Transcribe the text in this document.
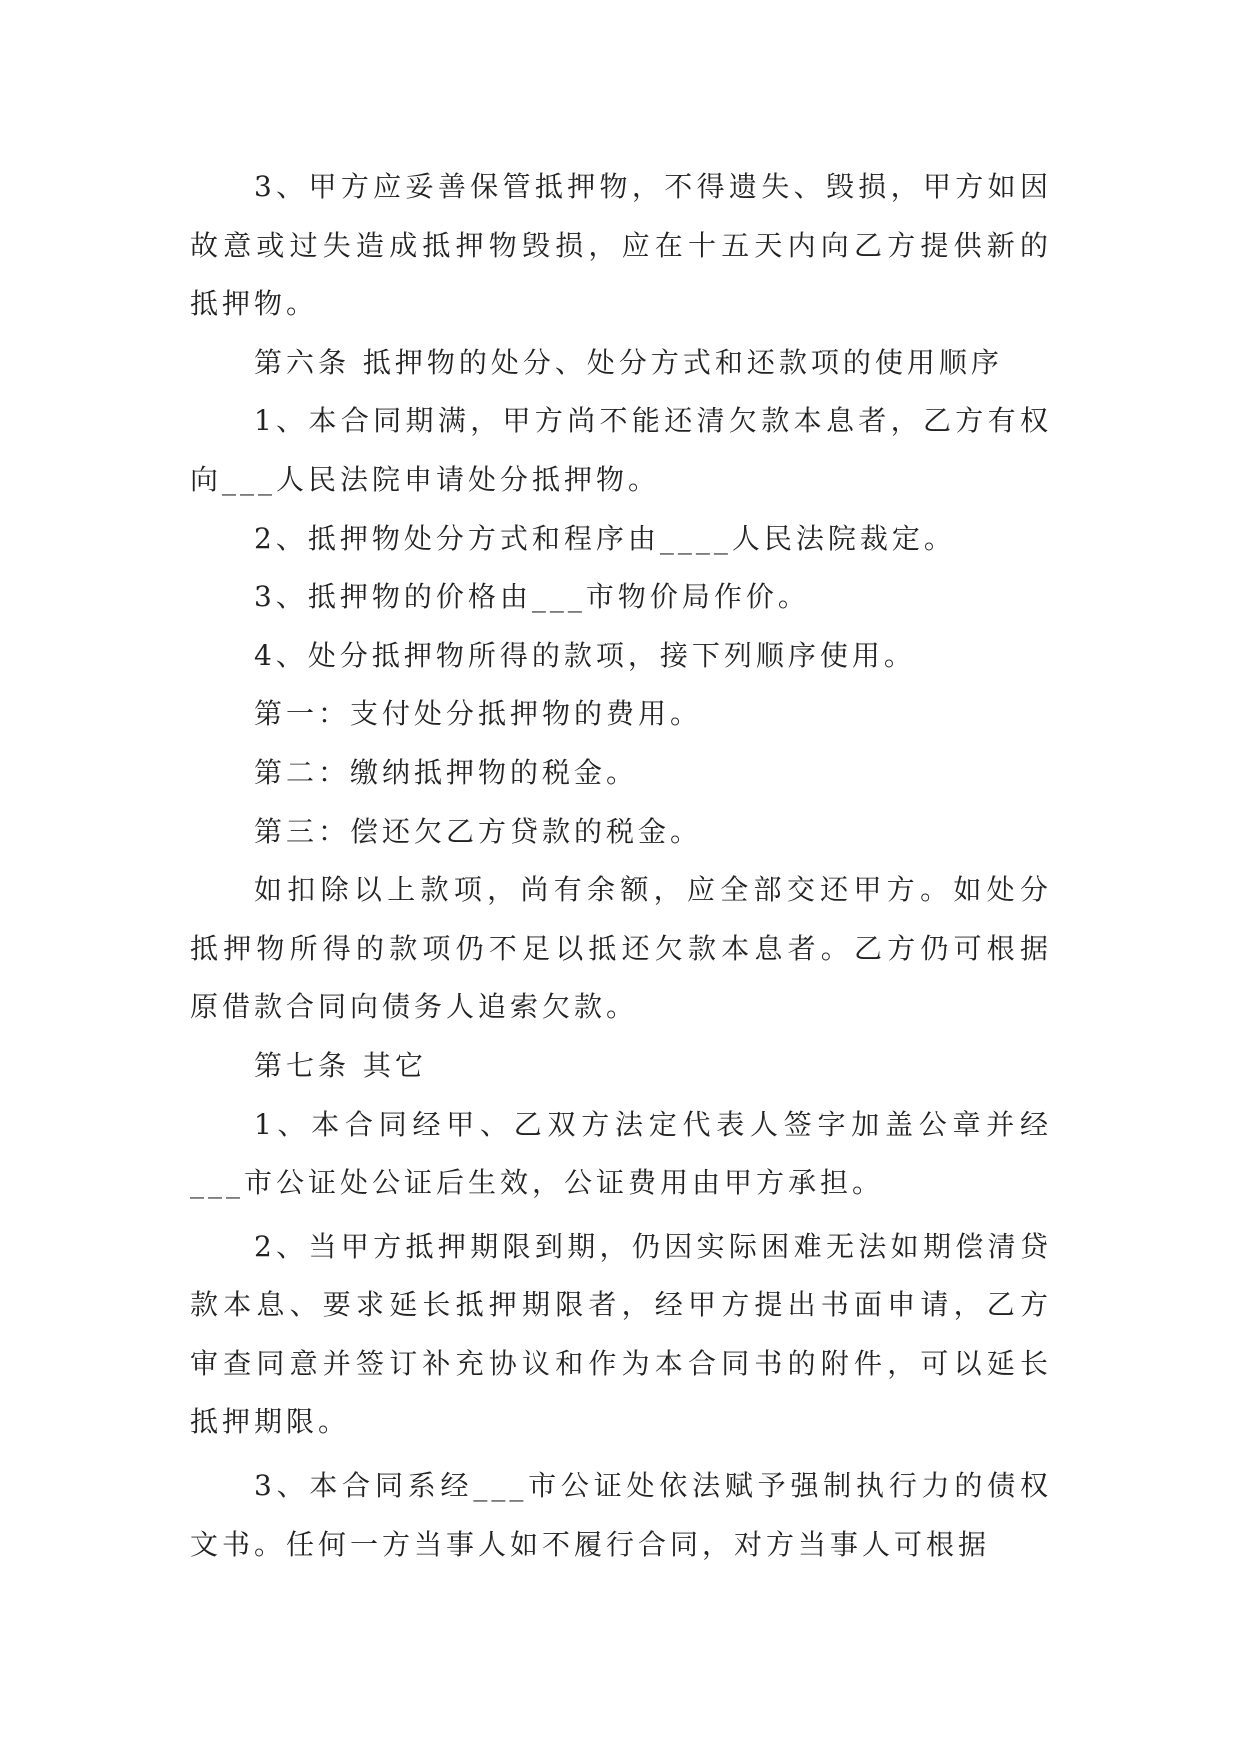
3、甲方应妥善保管抵押物，不得遗失、毁损，甲方如因故意或过失造成抵押物毁损，应在十五天内向乙方提供新的抵押物。

第六条 抵押物的处分、处分方式和还款项的使用顺序

1、本合同期满，甲方尚不能还清欠款本息者，乙方有权向___人民法院申请处分抵押物。

2、抵押物处分方式和程序由____人民法院裁定。

3、抵押物的价格由___市物价局作价。

4、处分抵押物所得的款项，接下列顺序使用。

第一：支付处分抵押物的费用。

第二：缴纳抵押物的税金。

第三：偿还欠乙方贷款的税金。

如扣除以上款项，尚有余额，应全部交还甲方。如处分抵押物所得的款项仍不足以抵还欠款本息者。乙方仍可根据原借款合同向债务人追索欠款。

第七条 其它

1、本合同经甲、乙双方法定代表人签字加盖公章并经___市公证处公证后生效，公证费用由甲方承担。

2、当甲方抵押期限到期，仍因实际困难无法如期偿清贷款本息、要求延长抵押期限者，经甲方提出书面申请，乙方审查同意并签订补充协议和作为本合同书的附件，可以延长抵押期限。

3、本合同系经___市公证处依法赋予强制执行力的债权文书。任何一方当事人如不履行合同，对方当事人可根据
